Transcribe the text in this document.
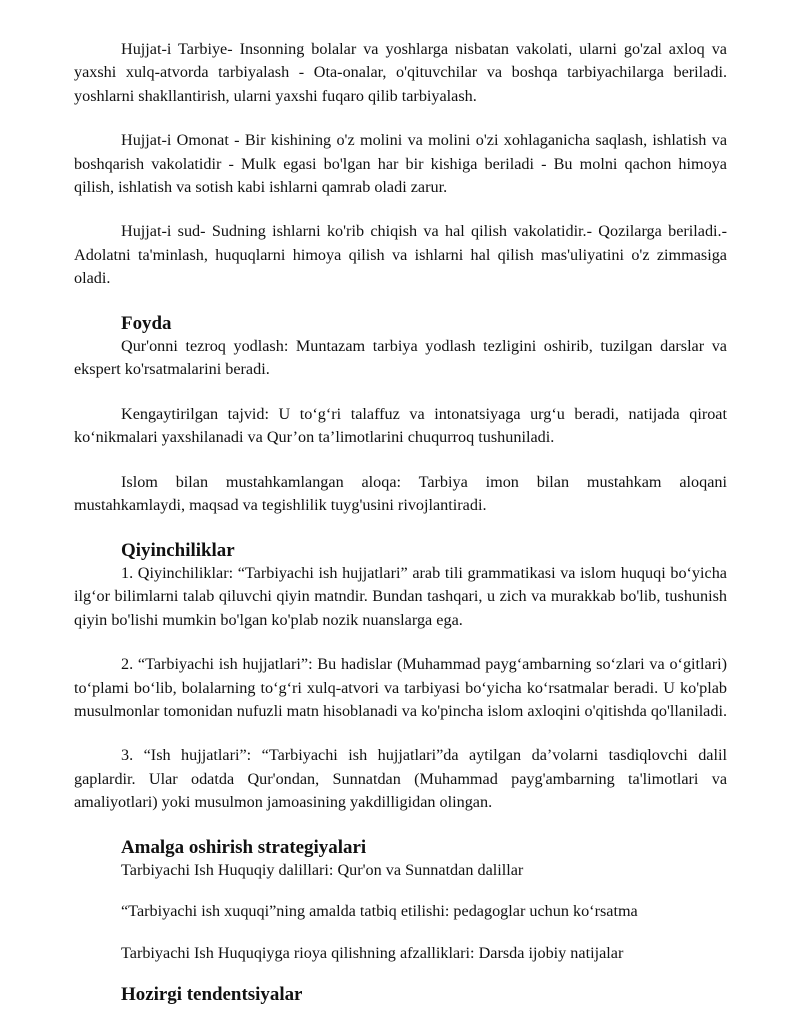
Hujjat-i Tarbiye- Insonning bolalar va yoshlarga nisbatan vakolati, ularni go'zal axloq va yaxshi xulq-atvorda tarbiyalash - Ota-onalar, o'qituvchilar va boshqa tarbiyachilarga beriladi. yoshlarni shakllantirish, ularni yaxshi fuqaro qilib tarbiyalash.

Hujjat-i Omonat - Bir kishining o'z molini va molini o'zi xohlaganicha saqlash, ishlatish va boshqarish vakolatidir - Mulk egasi bo'lgan har bir kishiga beriladi - Bu molni qachon himoya qilish, ishlatish va sotish kabi ishlarni qamrab oladi zarur.

Hujjat-i sud- Sudning ishlarni ko'rib chiqish va hal qilish vakolatidir.- Qozilarga beriladi.- Adolatni ta'minlash, huquqlarni himoya qilish va ishlarni hal qilish mas'uliyatini o'z zimmasiga oladi.

Foyda

Qur'onni tezroq yodlash: Muntazam tarbiya yodlash tezligini oshirib, tuzilgan darslar va ekspert ko'rsatmalarini beradi.

Kengaytirilgan tajvid: U to‘g‘ri talaffuz va intonatsiyaga urg‘u beradi, natijada qiroat ko‘nikmalari yaxshilanadi va Qur’on ta’limotlarini chuqurroq tushuniladi.

Islom bilan mustahkamlangan aloqa: Tarbiya imon bilan mustahkam aloqani mustahkamlaydi, maqsad va tegishlilik tuyg'usini rivojlantiradi.

Qiyinchiliklar

1. Qiyinchiliklar: “Tarbiyachi ish hujjatlari” arab tili grammatikasi va islom huquqi bo‘yicha ilg‘or bilimlarni talab qiluvchi qiyin matndir. Bundan tashqari, u zich va murakkab bo'lib, tushunish qiyin bo'lishi mumkin bo'lgan ko'plab nozik nuanslarga ega.

2. “Tarbiyachi ish hujjatlari”: Bu hadislar (Muhammad payg‘ambarning so‘zlari va o‘gitlari) to‘plami bo‘lib, bolalarning to‘g‘ri xulq-atvori va tarbiyasi bo‘yicha ko‘rsatmalar beradi. U ko'plab musulmonlar tomonidan nufuzli matn hisoblanadi va ko'pincha islom axloqini o'qitishda qo'llaniladi.

3. “Ish hujjatlari”: “Tarbiyachi ish hujjatlari”da aytilgan da’volarni tasdiqlovchi dalil gaplardir. Ular odatda Qur'ondan, Sunnatdan (Muhammad payg'ambarning ta'limotlari va amaliyotlari) yoki musulmon jamoasining yakdilligidan olingan.

Amalga oshirish strategiyalari

Tarbiyachi Ish Huquqiy dalillari: Qur'on va Sunnatdan dalillar

“Tarbiyachi ish xuquqi”ning amalda tatbiq etilishi: pedagoglar uchun ko‘rsatma

Tarbiyachi Ish Huquqiyga rioya qilishning afzalliklari: Darsda ijobiy natijalar

Hozirgi tendentsiyalar
